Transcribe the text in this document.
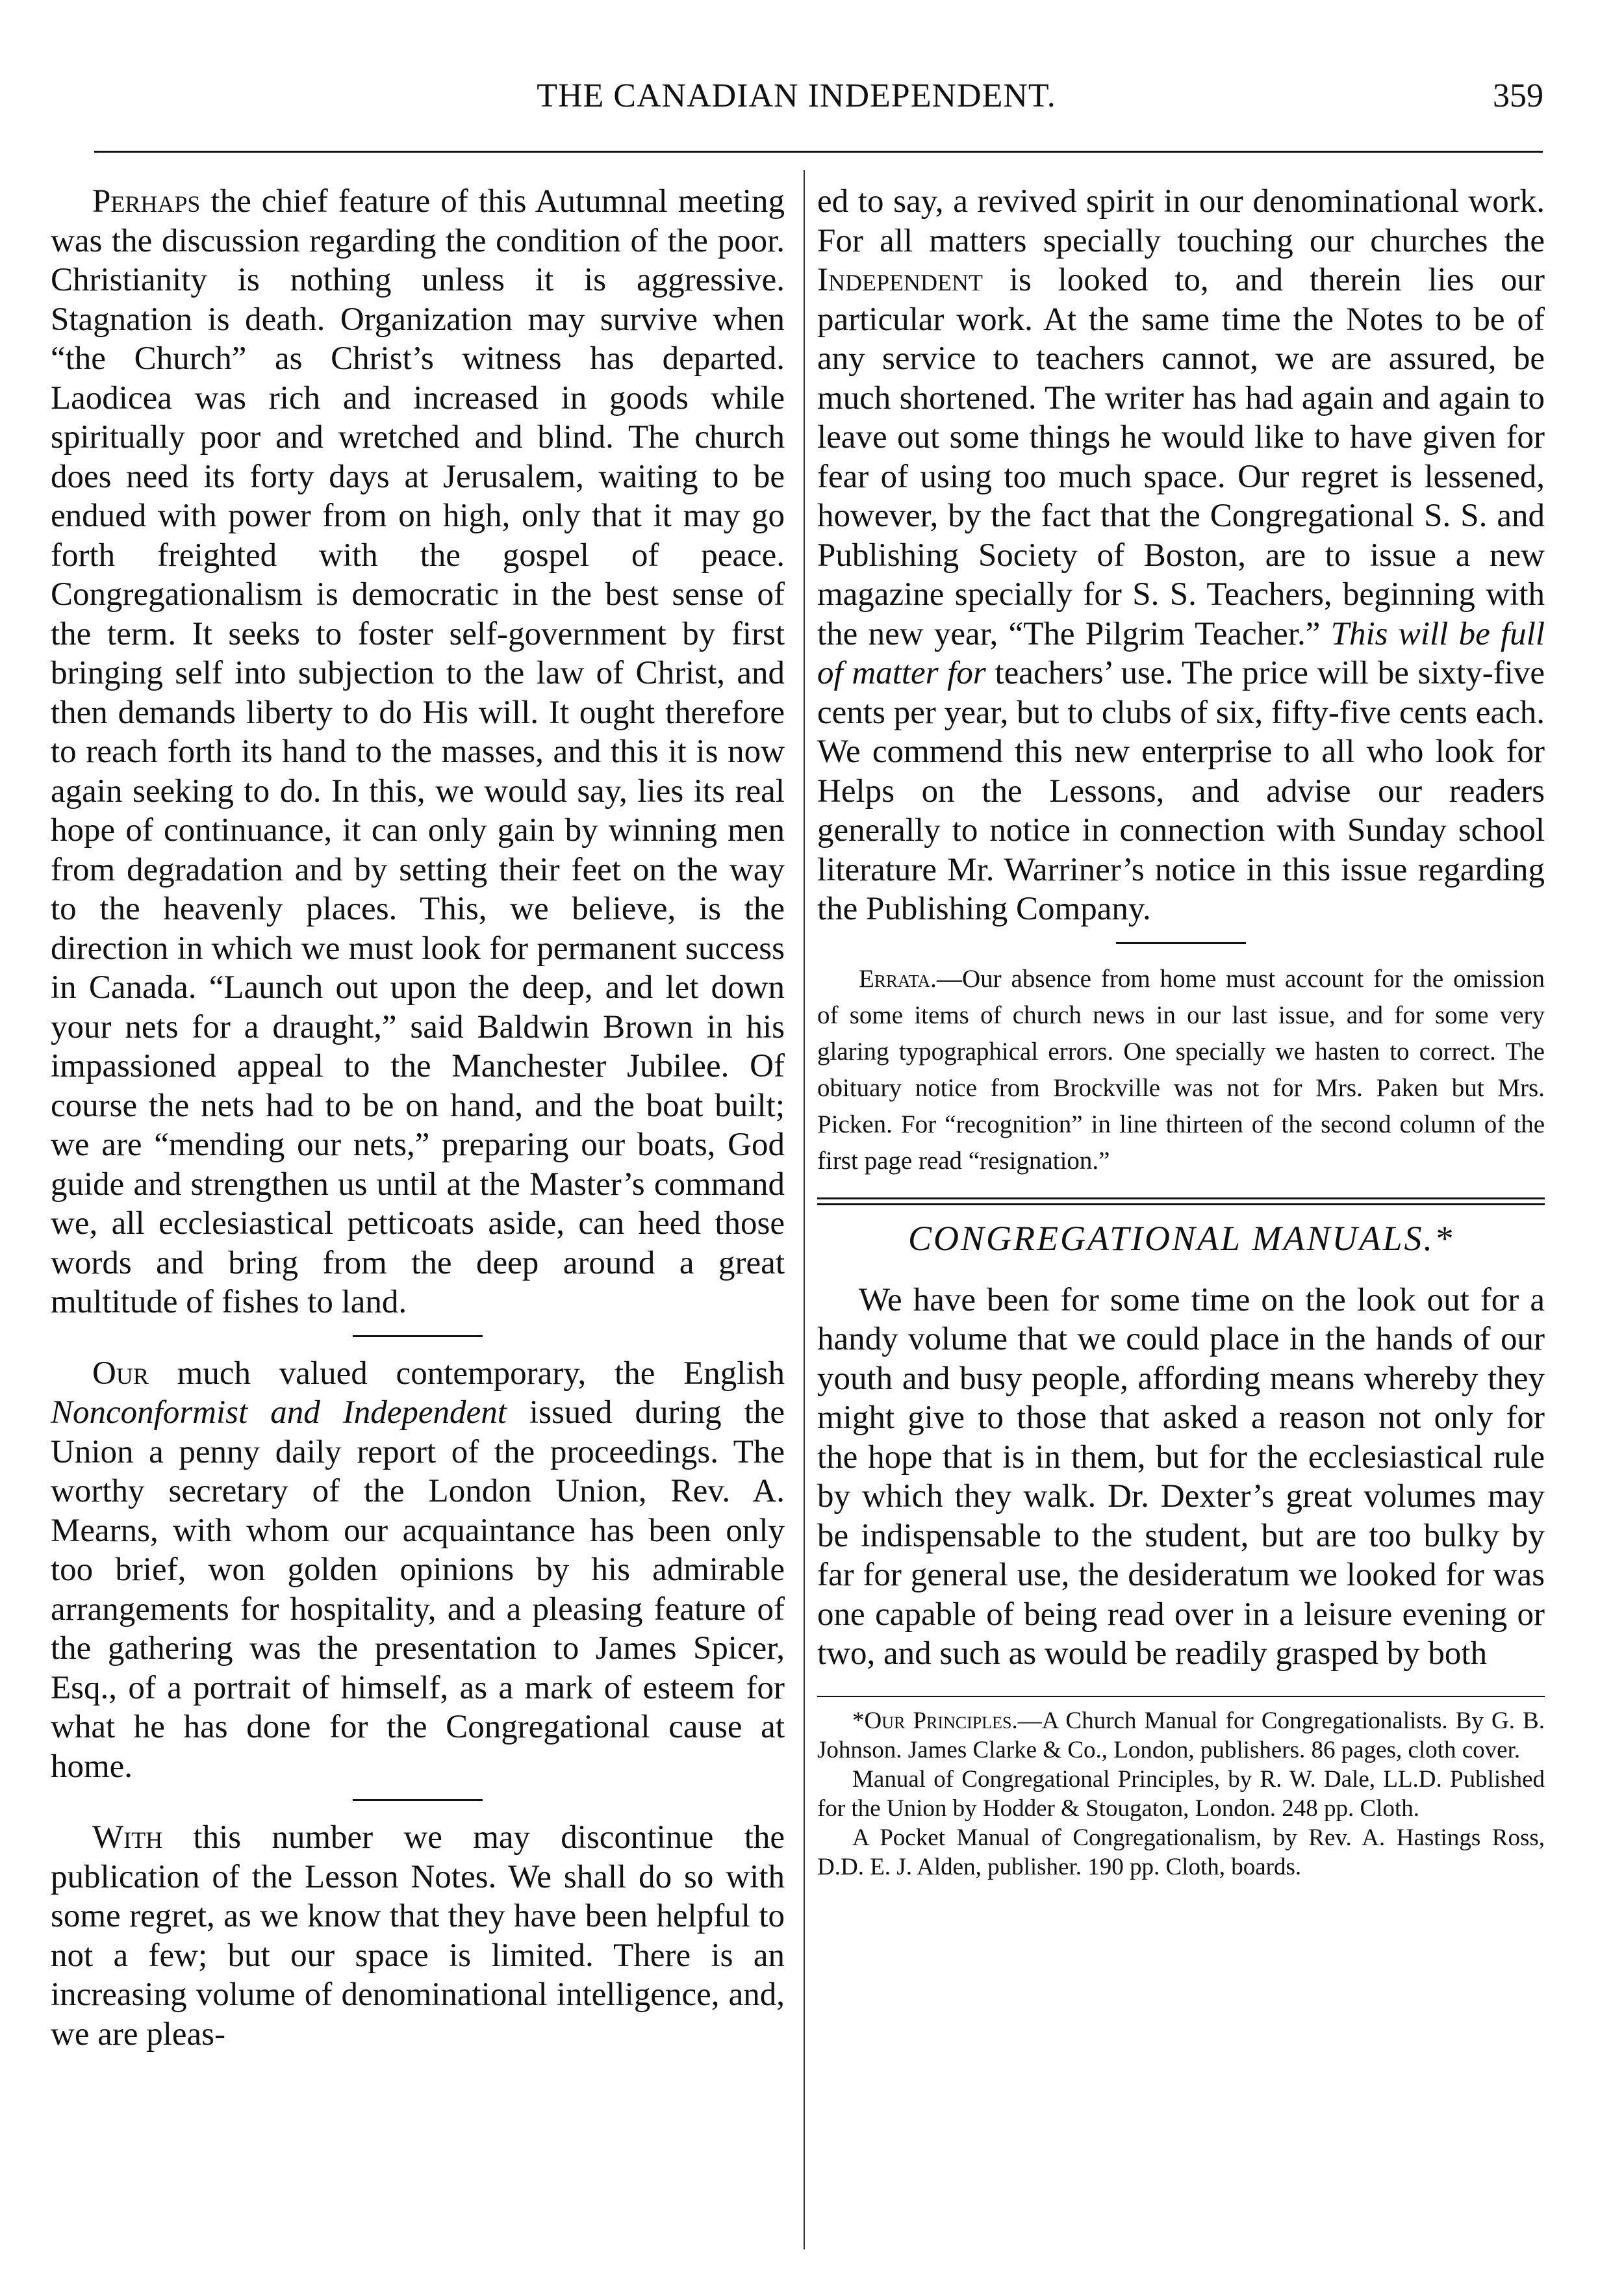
THE CANADIAN INDEPENDENT.	359

Perhaps the chief feature of this Autumnal meeting was the discussion regarding the condition of the poor. Christianity is nothing unless it is aggressive. Stagnation is death. Organization may survive when “the Church” as Christ’s witness has departed. Laodicea was rich and increased in goods while spiritually poor and wretched and blind. The church does need its forty days at Jerusalem, waiting to be endued with power from on high, only that it may go forth freighted with the gospel of peace. Congregationalism is democratic in the best sense of the term. It seeks to foster self-government by first bringing self into subjection to the law of Christ, and then demands liberty to do His will. It ought therefore to reach forth its hand to the masses, and this it is now again seeking to do. In this, we would say, lies its real hope of continuance, it can only gain by winning men from degradation and by setting their feet on the way to the heavenly places. This, we believe, is the direction in which we must look for permanent success in Canada. “Launch out upon the deep, and let down your nets for a draught,” said Baldwin Brown in his impassioned appeal to the Manchester Jubilee. Of course the nets had to be on hand, and the boat built; we are “mending our nets,” preparing our boats, God guide and strengthen us until at the Master’s command we, all ecclesiastical petticoats aside, can heed those words and bring from the deep around a great multitude of fishes to land.

Our much valued contemporary, the English Nonconformist and Independent issued during the Union a penny daily report of the proceedings. The worthy secretary of the London Union, Rev. A. Mearns, with whom our acquaintance has been only too brief, won golden opinions by his admirable arrangements for hospitality, and a pleasing feature of the gathering was the presentation to James Spicer, Esq., of a portrait of himself, as a mark of esteem for what he has done for the Congregational cause at home.

With this number we may discontinue the publication of the Lesson Notes. We shall do so with some regret, as we know that they have been helpful to not a few; but our space is limited. There is an increasing volume of denominational intelligence, and, we are pleas-

ed to say, a revived spirit in our denominational work. For all matters specially touching our churches the Independent is looked to, and therein lies our particular work. At the same time the Notes to be of any service to teachers cannot, we are assured, be much shortened. The writer has had again and again to leave out some things he would like to have given for fear of using too much space. Our regret is lessened, however, by the fact that the Congregational S. S. and Publishing Society of Boston, are to issue a new magazine specially for S. S. Teachers, beginning with the new year, “The Pilgrim Teacher.” This will be full of matter for teachers’ use. The price will be sixty-five cents per year, but to clubs of six, fifty-five cents each. We commend this new enterprise to all who look for Helps on the Lessons, and advise our readers generally to notice in connection with Sunday school literature Mr. Warriner’s notice in this issue regarding the Publishing Company.

Errata.—Our absence from home must account for the omission of some items of church news in our last issue, and for some very glaring typographical errors. One specially we hasten to correct. The obituary notice from Brockville was not for Mrs. Paken but Mrs. Picken. For “recognition” in line thirteen of the second column of the first page read “resignation.”

CONGREGATIONAL MANUALS.*

We have been for some time on the look out for a handy volume that we could place in the hands of our youth and busy people, affording means whereby they might give to those that asked a reason not only for the hope that is in them, but for the ecclesiastical rule by which they walk. Dr. Dexter’s great volumes may be indispensable to the student, but are too bulky by far for general use, the desideratum we looked for was one capable of being read over in a leisure evening or two, and such as would be readily grasped by both

*Our Principles.—A Church Manual for Congregationalists. By G. B. Johnson. James Clarke & Co., London, publishers. 86 pages, cloth cover.

Manual of Congregational Principles, by R. W. Dale, LL.D. Published for the Union by Hodder & Stougaton, London. 248 pp. Cloth.

A Pocket Manual of Congregationalism, by Rev. A. Hastings Ross, D.D. E. J. Alden, publisher. 190 pp. Cloth, boards.
